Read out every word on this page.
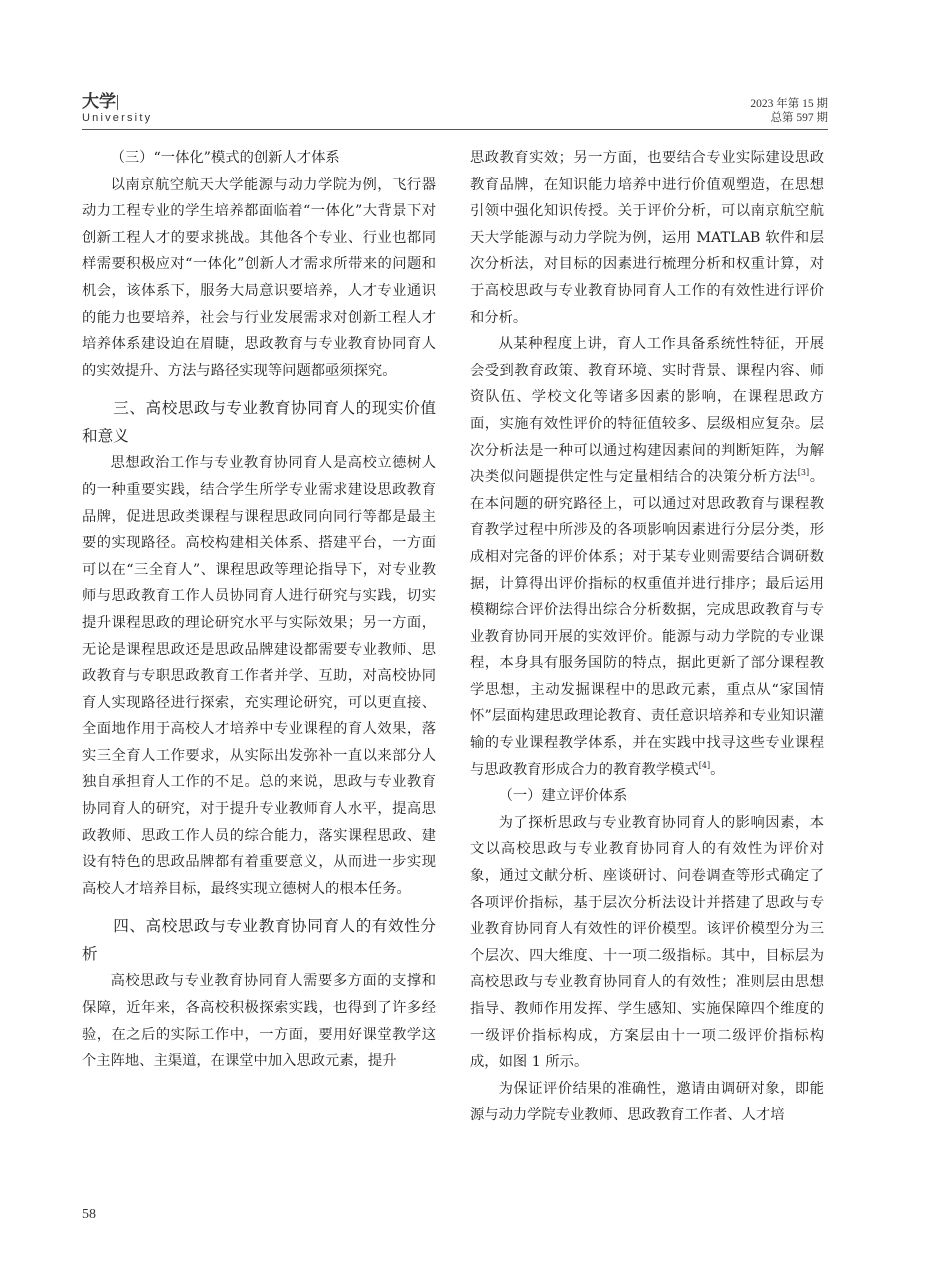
大学
University
2023 年第 15 期
总第 597 期

（三）“一体化”模式的创新人才体系

以南京航空航天大学能源与动力学院为例，飞行器动力工程专业的学生培养都面临着“一体化”大背景下对创新工程人才的要求挑战。其他各个专业、行业也都同样需要积极应对“一体化”创新人才需求所带来的问题和机会，该体系下，服务大局意识要培养，人才专业通识的能力也要培养，社会与行业发展需求对创新工程人才培养体系建设迫在眉睫，思政教育与专业教育协同育人的实效提升、方法与路径实现等问题都亟须探究。

三、高校思政与专业教育协同育人的现实价值和意义

思想政治工作与专业教育协同育人是高校立德树人的一种重要实践，结合学生所学专业需求建设思政教育品牌，促进思政类课程与课程思政同向同行等都是最主要的实现路径。高校构建相关体系、搭建平台，一方面可以在“三全育人”、课程思政等理论指导下，对专业教师与思政教育工作人员协同育人进行研究与实践，切实提升课程思政的理论研究水平与实际效果；另一方面，无论是课程思政还是思政品牌建设都需要专业教师、思政教育与专职思政教育工作者并学、互助，对高校协同育人实现路径进行探索，充实理论研究，可以更直接、全面地作用于高校人才培养中专业课程的育人效果，落实三全育人工作要求，从实际出发弥补一直以来部分人独自承担育人工作的不足。总的来说，思政与专业教育协同育人的研究，对于提升专业教师育人水平，提高思政教师、思政工作人员的综合能力，落实课程思政、建设有特色的思政品牌都有着重要意义，从而进一步实现高校人才培养目标，最终实现立德树人的根本任务。

四、高校思政与专业教育协同育人的有效性分析

高校思政与专业教育协同育人需要多方面的支撑和保障，近年来，各高校积极探索实践，也得到了许多经验，在之后的实际工作中，一方面，要用好课堂教学这个主阵地、主渠道，在课堂中加入思政元素，提升

思政教育实效；另一方面，也要结合专业实际建设思政教育品牌，在知识能力培养中进行价值观塑造，在思想引领中强化知识传授。关于评价分析，可以南京航空航天大学能源与动力学院为例，运用 MATLAB 软件和层次分析法，对目标的因素进行梳理分析和权重计算，对于高校思政与专业教育协同育人工作的有效性进行评价和分析。

从某种程度上讲，育人工作具备系统性特征，开展会受到教育政策、教育环境、实时背景、课程内容、师资队伍、学校文化等诸多因素的影响，在课程思政方面，实施有效性评价的特征值较多、层级相应复杂。层次分析法是一种可以通过构建因素间的判断矩阵，为解决类似问题提供定性与定量相结合的决策分析方法[3]。在本问题的研究路径上，可以通过对思政教育与课程教育教学过程中所涉及的各项影响因素进行分层分类，形成相对完备的评价体系；对于某专业则需要结合调研数据，计算得出评价指标的权重值并进行排序；最后运用模糊综合评价法得出综合分析数据，完成思政教育与专业教育协同开展的实效评价。能源与动力学院的专业课程，本身具有服务国防的特点，据此更新了部分课程教学思想，主动发掘课程中的思政元素，重点从“家国情怀”层面构建思政理论教育、责任意识培养和专业知识灌输的专业课程教学体系，并在实践中找寻这些专业课程与思政教育形成合力的教育教学模式[4]。

（一）建立评价体系

为了探析思政与专业教育协同育人的影响因素，本文以高校思政与专业教育协同育人的有效性为评价对象，通过文献分析、座谈研讨、问卷调查等形式确定了各项评价指标，基于层次分析法设计并搭建了思政与专业教育协同育人有效性的评价模型。该评价模型分为三个层次、四大维度、十一项二级指标。其中，目标层为高校思政与专业教育协同育人的有效性；准则层由思想指导、教师作用发挥、学生感知、实施保障四个维度的一级评价指标构成，方案层由十一项二级评价指标构成，如图 1 所示。

为保证评价结果的准确性，邀请由调研对象，即能源与动力学院专业教师、思政教育工作者、人才培

58
